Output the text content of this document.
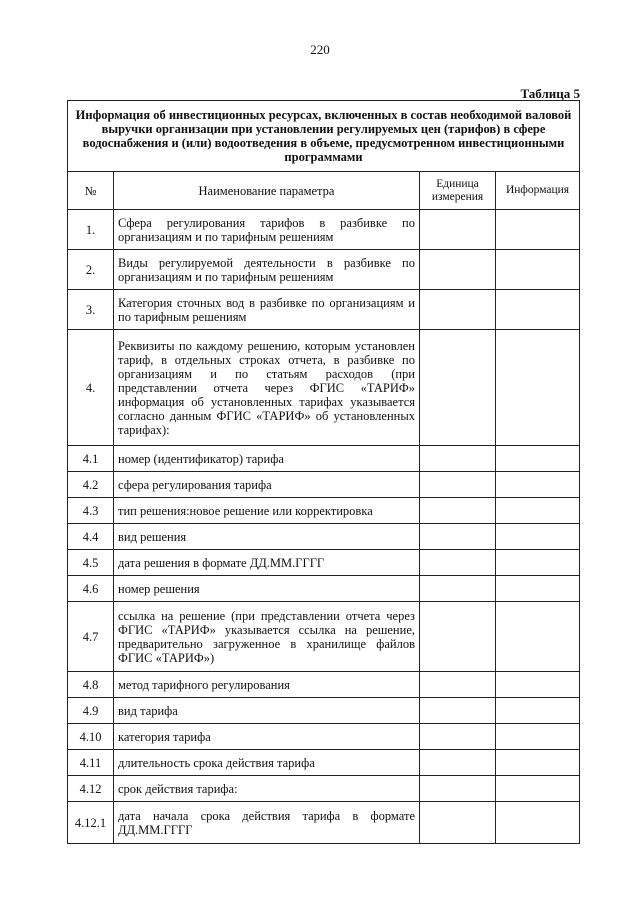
220
Таблица 5
Информация об инвестиционных ресурсах, включенных в состав необходимой валовой выручки организации при установлении регулируемых цен (тарифов) в сфере водоснабжения и (или) водоотведения в объеме, предусмотренном инвестиционными программами			
№	Наименование параметра	Единица измерения	Информация
1.	Сфера регулирования тарифов в разбивке по организациям и по тарифным решениям		
2.	Виды регулируемой деятельности в разбивке по организациям и по тарифным решениям		
3.	Категория сточных вод в разбивке по организациям и по тарифным решениям		
4.	Реквизиты по каждому решению, которым установлен тариф, в отдельных строках отчета, в разбивке по организациям и по статьям расходов (при представлении отчета через ФГИС «ТАРИФ» информация об установленных тарифах указывается согласно данным ФГИС «ТАРИФ» об установленных тарифах):		
4.1	номер (идентификатор) тарифа		
4.2	сфера регулирования тарифа		
4.3	тип решения:новое решение или корректировка		
4.4	вид решения		
4.5	дата решения в формате ДД.ММ.ГГГГ		
4.6	номер решения		
4.7	ссылка на решение (при представлении отчета через ФГИС «ТАРИФ» указывается ссылка на решение, предварительно загруженное в хранилище файлов ФГИС «ТАРИФ»)		
4.8	метод тарифного регулирования		
4.9	вид тарифа		
4.10	категория тарифа		
4.11	длительность срока действия тарифа		
4.12	срок действия тарифа:		
4.12.1	дата начала срока действия тарифа в формате ДД.ММ.ГГГГ		
